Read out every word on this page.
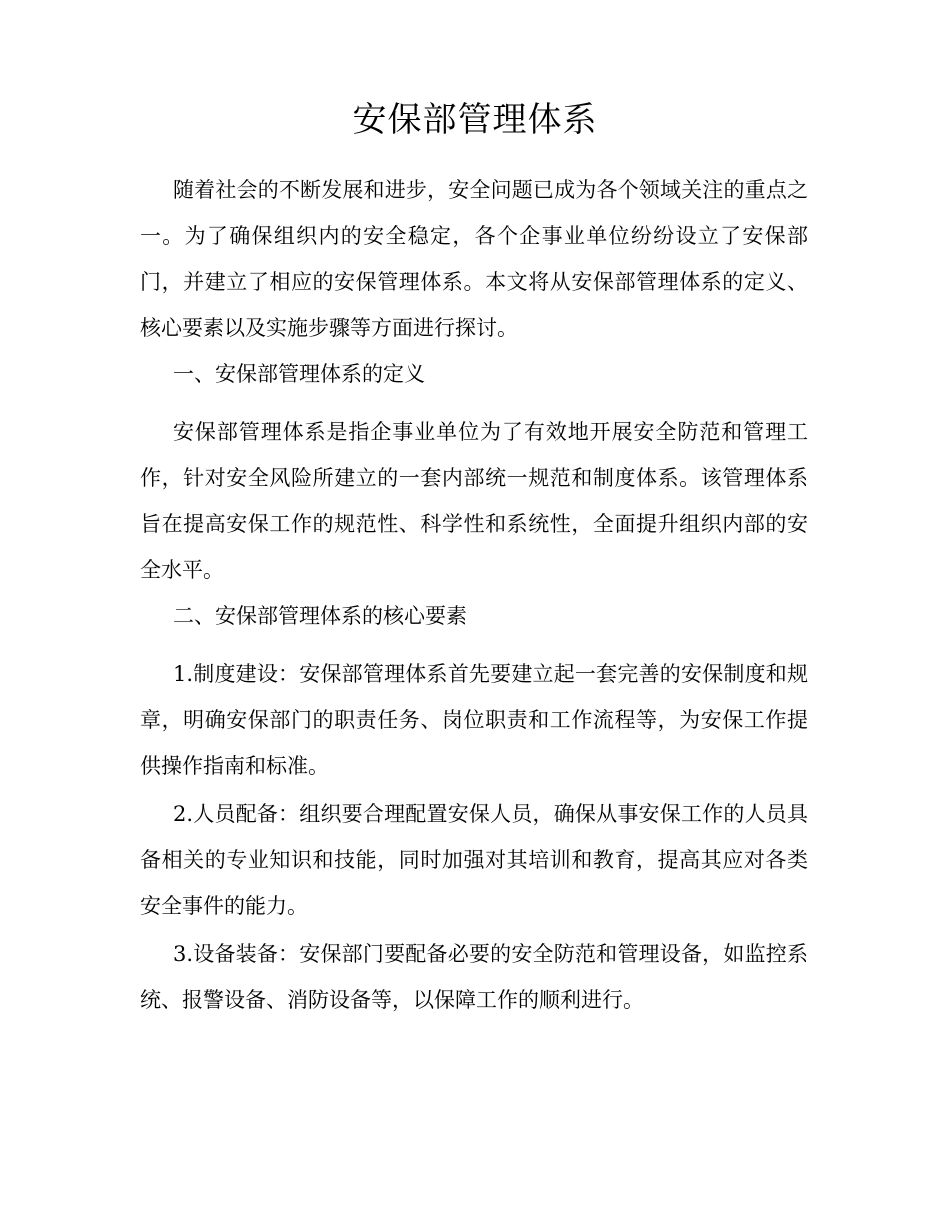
安保部管理体系

随着社会的不断发展和进步，安全问题已成为各个领域关注的重点之一。为了确保组织内的安全稳定，各个企事业单位纷纷设立了安保部门，并建立了相应的安保管理体系。本文将从安保部管理体系的定义、核心要素以及实施步骤等方面进行探讨。

一、安保部管理体系的定义

安保部管理体系是指企事业单位为了有效地开展安全防范和管理工作，针对安全风险所建立的一套内部统一规范和制度体系。该管理体系旨在提高安保工作的规范性、科学性和系统性，全面提升组织内部的安全水平。

二、安保部管理体系的核心要素

1.制度建设：安保部管理体系首先要建立起一套完善的安保制度和规章，明确安保部门的职责任务、岗位职责和工作流程等，为安保工作提供操作指南和标准。

2.人员配备：组织要合理配置安保人员，确保从事安保工作的人员具备相关的专业知识和技能，同时加强对其培训和教育，提高其应对各类安全事件的能力。

3.设备装备：安保部门要配备必要的安全防范和管理设备，如监控系统、报警设备、消防设备等，以保障工作的顺利进行。
